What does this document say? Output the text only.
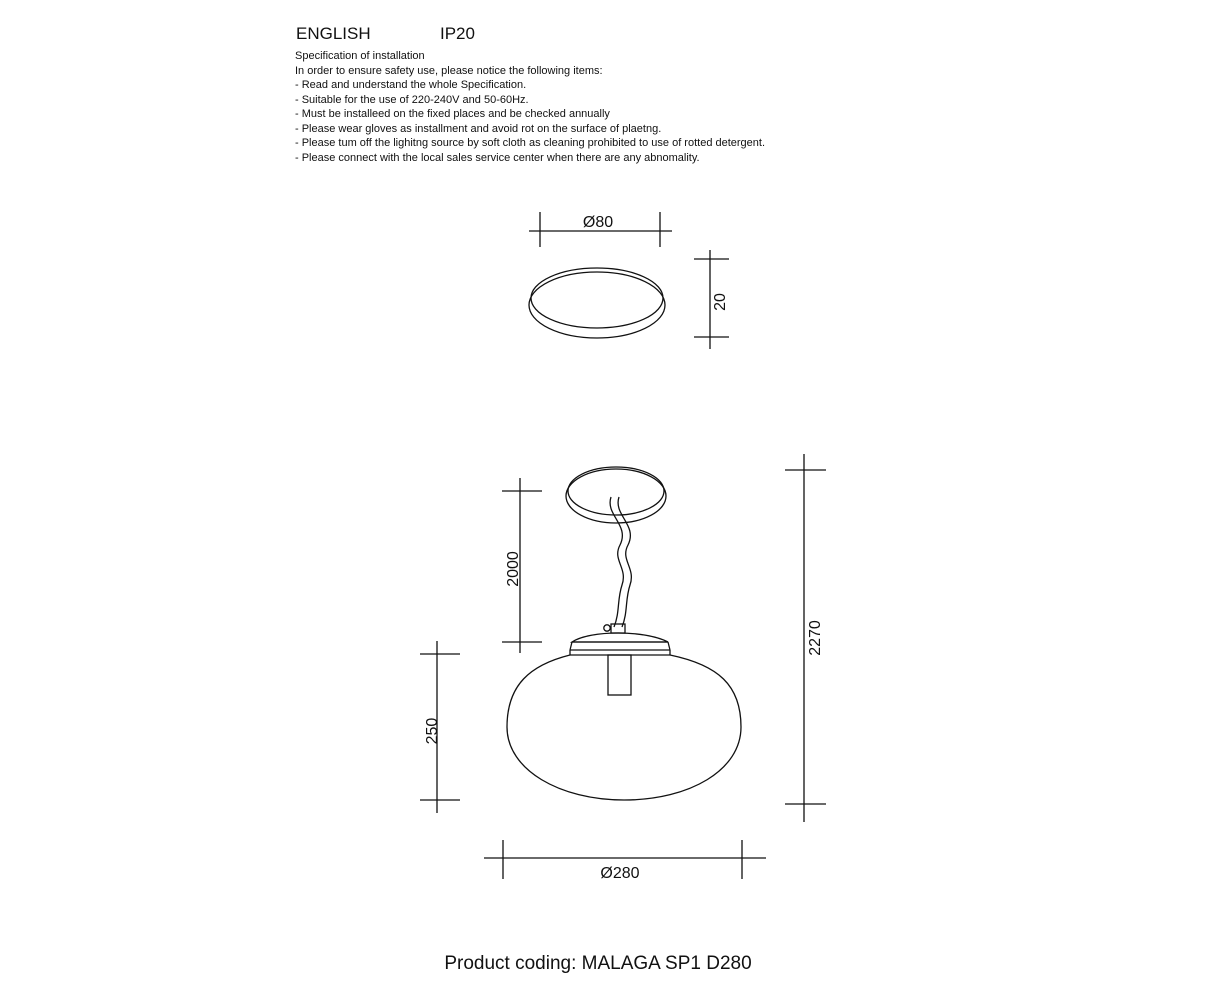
ENGLISH	IP20
Specification of installation
In order to ensure safety use, please notice the following items:
- Read and understand the whole Specification.
- Suitable for the use of 220-240V and 50-60Hz.
- Must be installeed on the fixed places and be checked annually
- Please wear gloves as installment and avoid rot on the surface of plaetng.
- Please tum off the lighitng source by soft cloth as cleaning prohibited to use of rotted detergent.
- Please connect with the local sales service center when there are any abnomality.
Ø80
20
2000
2270
250
Ø280
Product coding: MALAGA SP1 D280
